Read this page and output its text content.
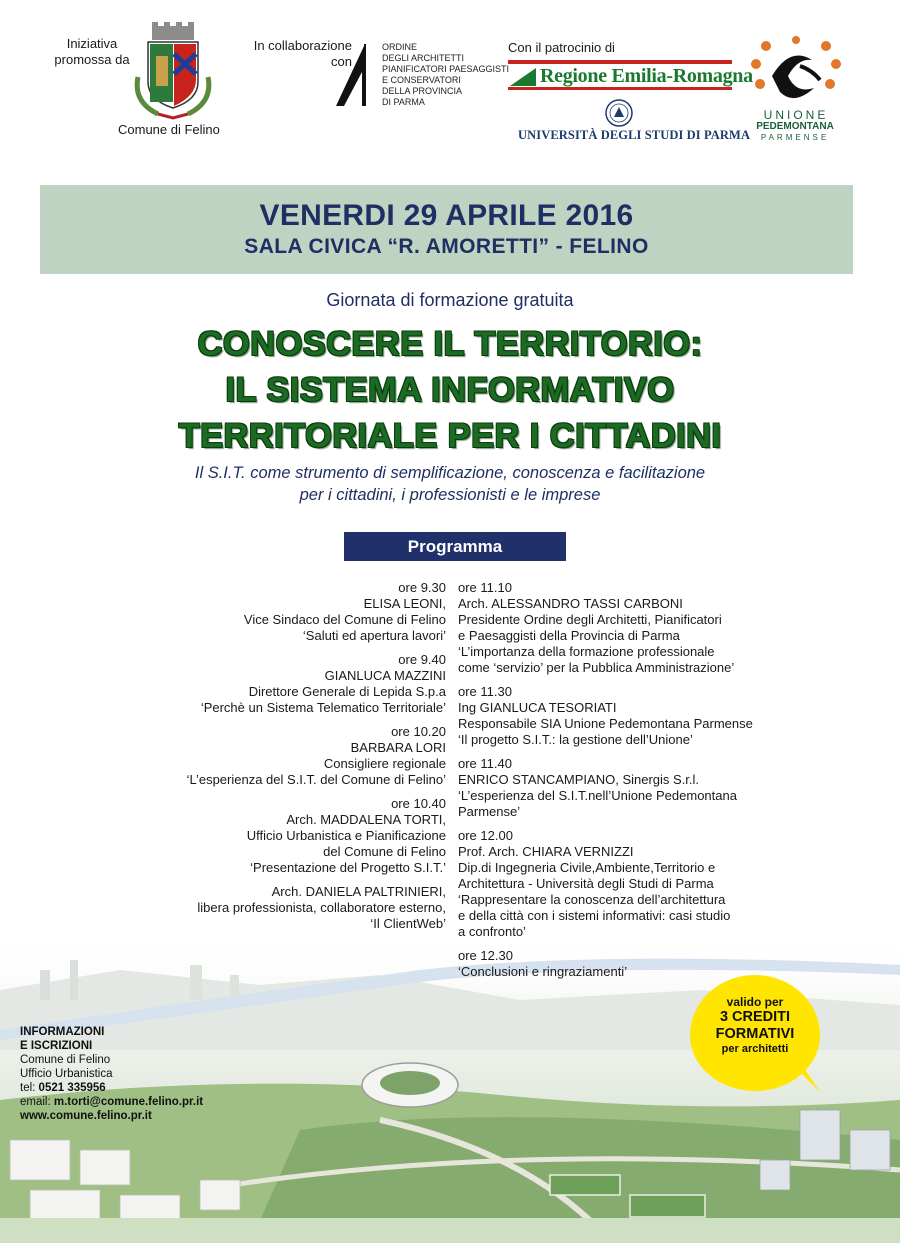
Iniziativa
promossa da
Comune di Felino
In collaborazione
con
ORDINE
DEGLI ARCHITETTI
PIANIFICATORI PAESAGGISTI
E CONSERVATORI
DELLA PROVINCIA
DI PARMA
Con il patrocinio di
Regione Emilia-Romagna
UNIVERSITÀ DEGLI STUDI DI PARMA
UNIONE
PEDEMONTANA
PARMENSE
VENERDI 29 APRILE 2016
SALA CIVICA “R. AMORETTI” - FELINO
Giornata di formazione gratuita
CONOSCERE IL TERRITORIO:
IL SISTEMA INFORMATIVO
TERRITORIALE PER I CITTADINI
Il S.I.T. come strumento di semplificazione, conoscenza e facilitazione
per i cittadini, i professionisti e le imprese
Programma
ore 9.30
ELISA LEONI,
Vice Sindaco del Comune di Felino
‘Saluti ed apertura lavori’
ore 9.40
GIANLUCA MAZZINI
Direttore Generale di Lepida S.p.a
‘Perchè un Sistema Telematico Territoriale’
ore 10.20
BARBARA LORI
Consigliere regionale
‘L’esperienza del S.I.T. del Comune di Felino’
ore 10.40
Arch. MADDALENA TORTI,
Ufficio Urbanistica e Pianificazione
del Comune di Felino
‘Presentazione del Progetto S.I.T.’
Arch. DANIELA PALTRINIERI,
libera professionista, collaboratore esterno,
‘Il ClientWeb’
ore 11.10
Arch. ALESSANDRO TASSI CARBONI
Presidente Ordine degli Architetti, Pianificatori
e Paesaggisti della Provincia di Parma
‘L’importanza della formazione professionale
come ‘servizio’ per la Pubblica Amministrazione’
ore 11.30
Ing GIANLUCA TESORIATI
Responsabile SIA Unione Pedemontana Parmense
‘Il progetto S.I.T.: la gestione dell’Unione’
ore 11.40
ENRICO STANCAMPIANO, Sinergis S.r.l.
‘L’esperienza del S.I.T.nell’Unione Pedemontana
Parmense’
ore 12.00
Prof. Arch. CHIARA VERNIZZI
Dip.di Ingegneria Civile,Ambiente,Territorio e
Architettura - Università degli Studi di Parma
‘Rappresentare la conoscenza dell’architettura
e della città con i sistemi informativi: casi studio
a confronto’
ore 12.30
‘Conclusioni e ringraziamenti’
INFORMAZIONI
E ISCRIZIONI
Comune di Felino
Ufficio Urbanistica
tel: 0521 335956
email: m.torti@comune.felino.pr.it
www.comune.felino.pr.it
valido per
3 CREDITI
FORMATIVI
per architetti
